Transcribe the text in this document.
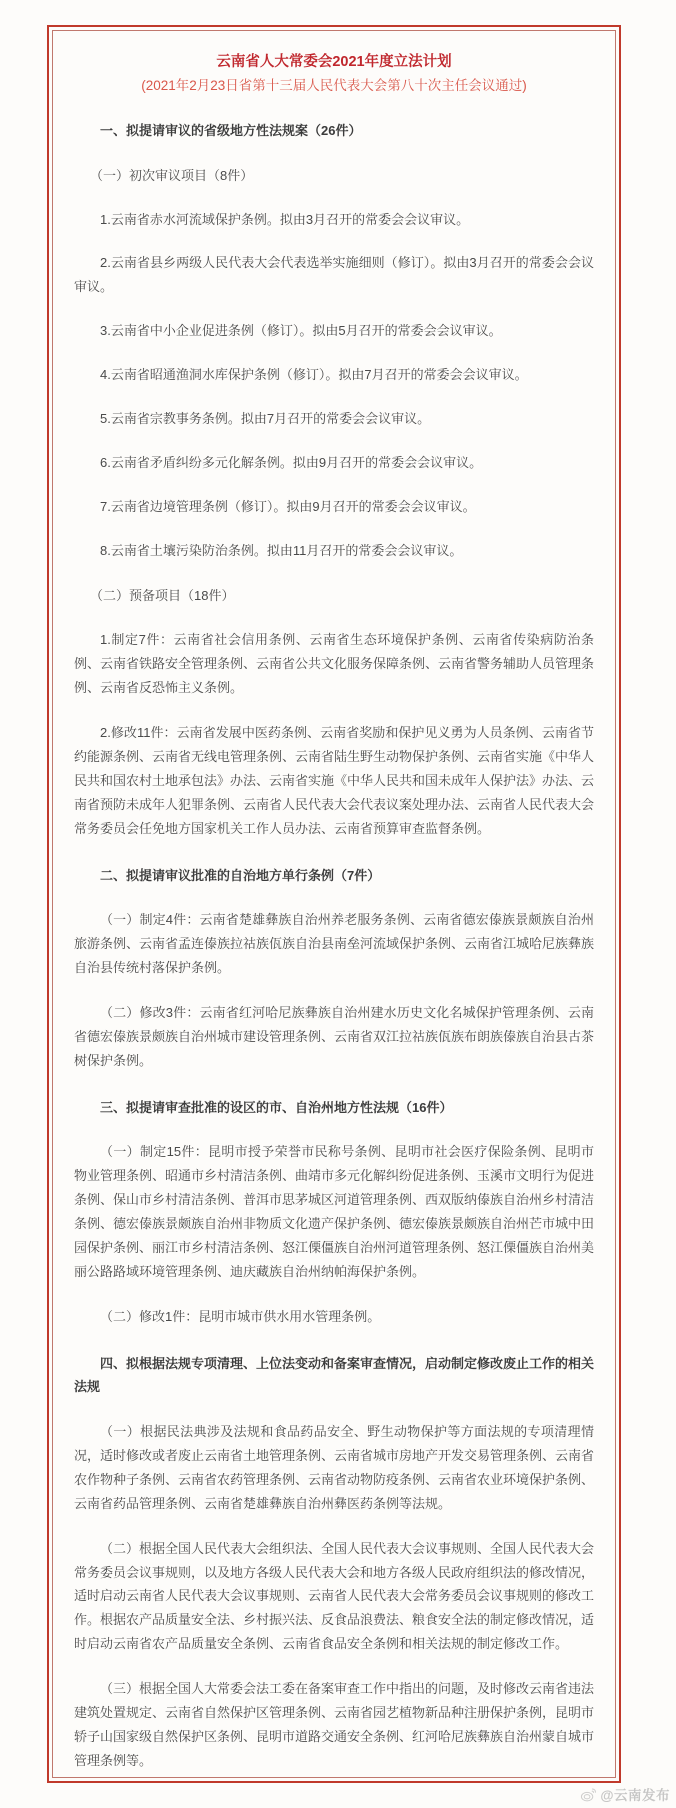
云南省人大常委会2021年度立法计划
(2021年2月23日省第十三届人民代表大会第八十次主任会议通过)
一、拟提请审议的省级地方性法规案（26件）
（一）初次审议项目（8件）
1.云南省赤水河流域保护条例。拟由3月召开的常委会会议审议。
2.云南省县乡两级人民代表大会代表选举实施细则（修订）。拟由3月召开的常委会会议审议。
3.云南省中小企业促进条例（修订）。拟由5月召开的常委会会议审议。
4.云南省昭通渔洞水库保护条例（修订）。拟由7月召开的常委会会议审议。
5.云南省宗教事务条例。拟由7月召开的常委会会议审议。
6.云南省矛盾纠纷多元化解条例。拟由9月召开的常委会会议审议。
7.云南省边境管理条例（修订）。拟由9月召开的常委会会议审议。
8.云南省土壤污染防治条例。拟由11月召开的常委会会议审议。
（二）预备项目（18件）
1.制定7件：云南省社会信用条例、云南省生态环境保护条例、云南省传染病防治条例、云南省铁路安全管理条例、云南省公共文化服务保障条例、云南省警务辅助人员管理条例、云南省反恐怖主义条例。
2.修改11件：云南省发展中医药条例、云南省奖励和保护见义勇为人员条例、云南省节约能源条例、云南省无线电管理条例、云南省陆生野生动物保护条例、云南省实施《中华人民共和国农村土地承包法》办法、云南省实施《中华人民共和国未成年人保护法》办法、云南省预防未成年人犯罪条例、云南省人民代表大会代表议案处理办法、云南省人民代表大会常务委员会任免地方国家机关工作人员办法、云南省预算审查监督条例。
二、拟提请审议批准的自治地方单行条例（7件）
（一）制定4件：云南省楚雄彝族自治州养老服务条例、云南省德宏傣族景颇族自治州旅游条例、云南省孟连傣族拉祜族佤族自治县南垒河流域保护条例、云南省江城哈尼族彝族自治县传统村落保护条例。
（二）修改3件：云南省红河哈尼族彝族自治州建水历史文化名城保护管理条例、云南省德宏傣族景颇族自治州城市建设管理条例、云南省双江拉祜族佤族布朗族傣族自治县古茶树保护条例。
三、拟提请审查批准的设区的市、自治州地方性法规（16件）
（一）制定15件：昆明市授予荣誉市民称号条例、昆明市社会医疗保险条例、昆明市物业管理条例、昭通市乡村清洁条例、曲靖市多元化解纠纷促进条例、玉溪市文明行为促进条例、保山市乡村清洁条例、普洱市思茅城区河道管理条例、西双版纳傣族自治州乡村清洁条例、德宏傣族景颇族自治州非物质文化遗产保护条例、德宏傣族景颇族自治州芒市城中田园保护条例、丽江市乡村清洁条例、怒江傈僵族自治州河道管理条例、怒江傈僵族自治州美丽公路路域环境管理条例、迪庆藏族自治州纳帕海保护条例。
（二）修改1件：昆明市城市供水用水管理条例。
四、拟根据法规专项清理、上位法变动和备案审查情况，启动制定修改废止工作的相关法规
（一）根据民法典涉及法规和食品药品安全、野生动物保护等方面法规的专项清理情况，适时修改或者废止云南省土地管理条例、云南省城市房地产开发交易管理条例、云南省农作物种子条例、云南省农药管理条例、云南省动物防疫条例、云南省农业环境保护条例、云南省药品管理条例、云南省楚雄彝族自治州彝医药条例等法规。
（二）根据全国人民代表大会组织法、全国人民代表大会议事规则、全国人民代表大会常务委员会议事规则，以及地方各级人民代表大会和地方各级人民政府组织法的修改情况，适时启动云南省人民代表大会议事规则、云南省人民代表大会常务委员会议事规则的修改工作。根据农产品质量安全法、乡村振兴法、反食品浪费法、粮食安全法的制定修改情况，适时启动云南省农产品质量安全条例、云南省食品安全条例和相关法规的制定修改工作。
（三）根据全国人大常委会法工委在备案审查工作中指出的问题，及时修改云南省违法建筑处置规定、云南省自然保护区管理条例、云南省园艺植物新品种注册保护条例，昆明市轿子山国家级自然保护区条例、昆明市道路交通安全条例、红河哈尼族彝族自治州蒙自城市管理条例等。
@云南发布
